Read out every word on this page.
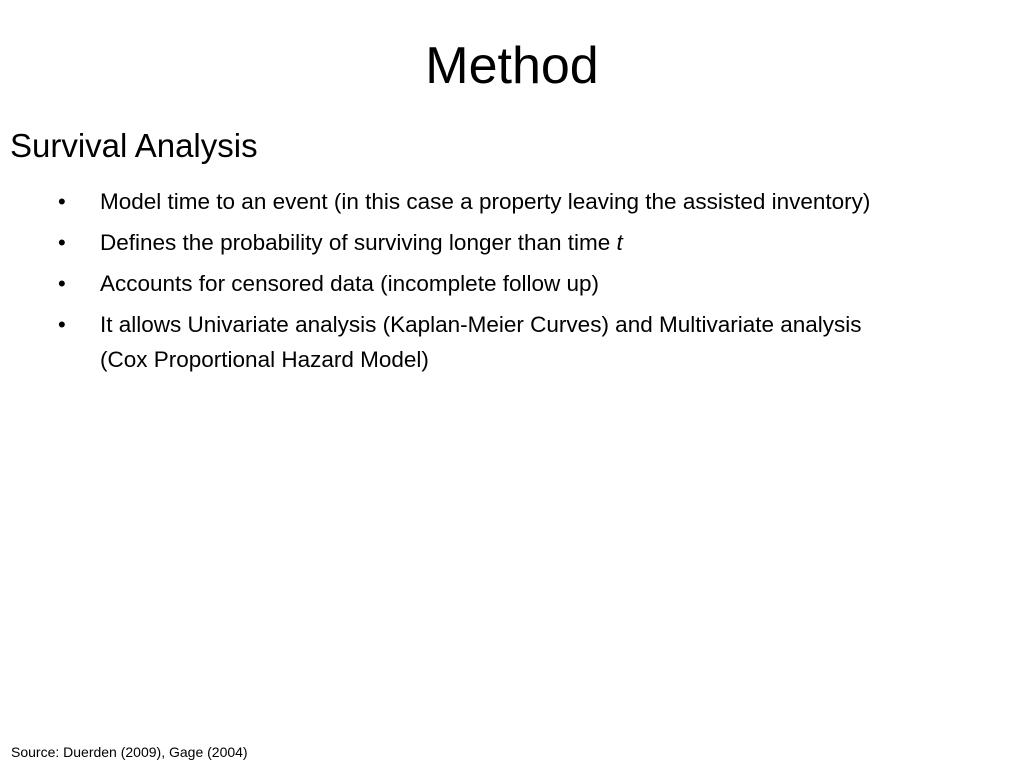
Method
Survival Analysis
•	Model time to an event (in this case a property leaving the assisted inventory)
•	Defines the probability of surviving longer than time t
•	Accounts for censored data (incomplete follow up)
•	It allows Univariate analysis (Kaplan-Meier Curves) and Multivariate analysis (Cox Proportional Hazard Model)
Source: Duerden (2009), Gage (2004)
